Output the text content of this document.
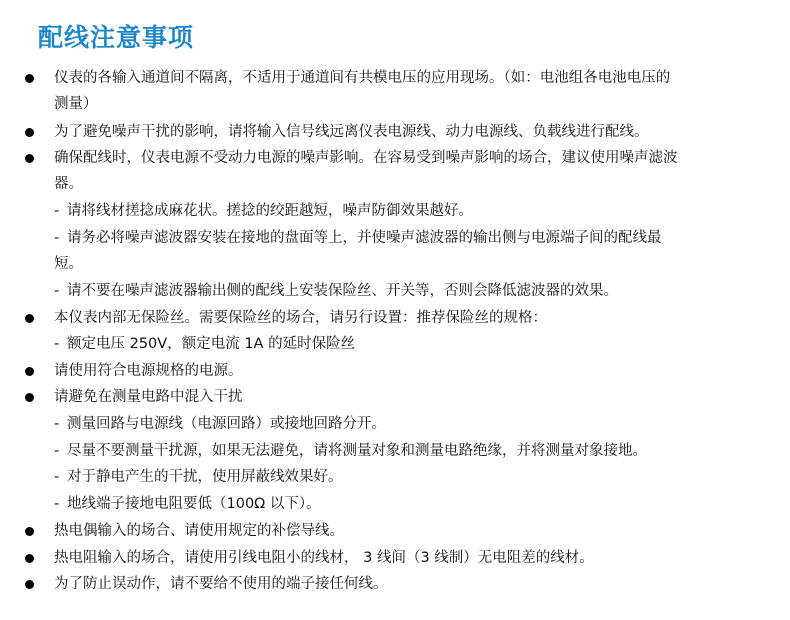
配线注意事项
仪表的各输入通道间不隔离，不适用于通道间有共模电压的应用现场。（如：电池组各电池电压的
测量）
为了避免噪声干扰的影响，请将输入信号线远离仪表电源线、动力电源线、负载线进行配线。
确保配线时，仪表电源不受动力电源的噪声影响。在容易受到噪声影响的场合，建议使用噪声滤波
器。
- 请将线材搓捻成麻花状。搓捻的绞距越短，噪声防御效果越好。
- 请务必将噪声滤波器安装在接地的盘面等上，并使噪声滤波器的输出侧与电源端子间的配线最
短。
- 请不要在噪声滤波器输出侧的配线上安装保险丝、开关等，否则会降低滤波器的效果。
本仪表内部无保险丝。需要保险丝的场合，请另行设置：推荐保险丝的规格：
- 额定电压 250V，额定电流 1A 的延时保险丝
请使用符合电源规格的电源。
请避免在测量电路中混入干扰
- 测量回路与电源线（电源回路）或接地回路分开。
- 尽量不要测量干扰源，如果无法避免，请将测量对象和测量电路绝缘，并将测量对象接地。
- 对于静电产生的干扰，使用屏蔽线效果好。
- 地线端子接地电阻要低（100Ω 以下）。
热电偶输入的场合、请使用规定的补偿导线。
热电阻输入的场合，请使用引线电阻小的线材， 3 线间（3 线制）无电阻差的线材。
为了防止误动作，请不要给不使用的端子接任何线。
